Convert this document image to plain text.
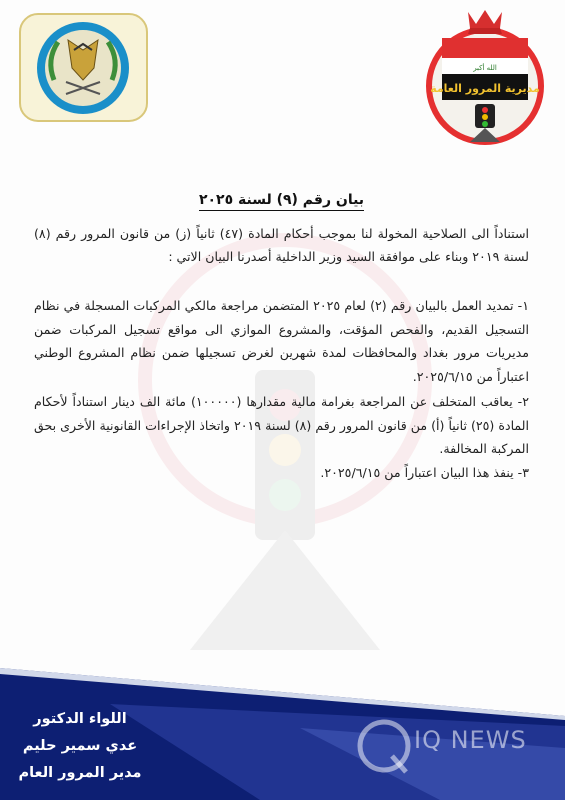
الله أكبر
مديرية المرور العامة

بيان رقم (٩) لسنة ٢٠٢٥

استناداً الى الصلاحية المخولة لنا بموجب أحكام المادة (٤٧) ثانياً (ز) من قانون المرور رقم (٨) لسنة ٢٠١٩ وبناء على موافقة السيد وزير الداخلية أصدرنا البيان الاتي :

١- تمديد العمل بالبيان رقم (٢) لعام ٢٠٢٥ المتضمن مراجعة مالكي المركبات المسجلة في نظام التسجيل القديم، والفحص المؤقت، والمشروع الموازي الى مواقع تسجيل المركبات ضمن مديريات مرور بغداد والمحافظات لمدة شهرين لغرض تسجيلها ضمن نظام المشروع الوطني اعتباراً من ٢٠٢٥/٦/١٥.

٢- يعاقب المتخلف عن المراجعة بغرامة مالية مقدارها (١٠٠٠٠٠) مائة الف دينار استناداً لأحكام المادة (٢٥) ثانياً (أ) من قانون المرور رقم (٨) لسنة ٢٠١٩ واتخاذ الإجراءات القانونية الأخرى بحق المركبة المخالفة.

٣- ينفذ هذا البيان اعتباراً من ٢٠٢٥/٦/١٥.

IQ NEWS
اللواء الدكتور
عدي سمير حليم
مدير المرور العام
